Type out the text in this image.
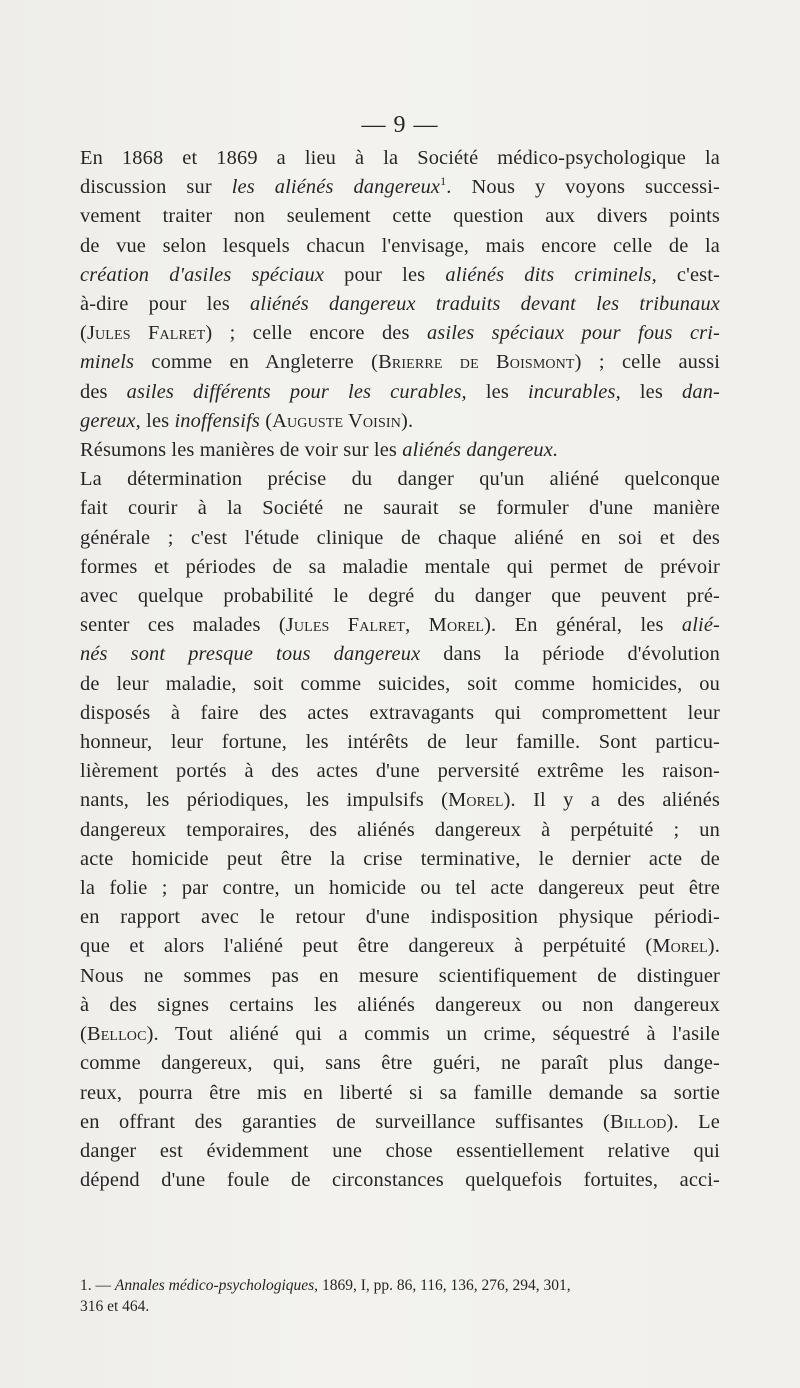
— 9 —
En 1868 et 1869 a lieu à la Société médico-psychologique la
discussion sur les aliénés dangereux$^1$. Nous y voyons successi-
vement traiter non seulement cette question aux divers points
de vue selon lesquels chacun l'envisage, mais encore celle de la
création d'asiles spéciaux pour les aliénés dits criminels, c'est-
à-dire pour les aliénés dangereux traduits devant les tribunaux
(Jules Falret) ; celle encore des asiles spéciaux pour fous cri-
minels comme en Angleterre (Brierre de Boismont) ; celle aussi
des asiles différents pour les curables, les incurables, les dan-
gereux, les inoffensifs (Auguste Voisin).
Résumons les manières de voir sur les aliénés dangereux.
La détermination précise du danger qu'un aliéné quelconque
fait courir à la Société ne saurait se formuler d'une manière
générale ; c'est l'étude clinique de chaque aliéné en soi et des
formes et périodes de sa maladie mentale qui permet de prévoir
avec quelque probabilité le degré du danger que peuvent pré-
senter ces malades (Jules Falret, Morel). En général, les alié-
nés sont presque tous dangereux dans la période d'évolution
de leur maladie, soit comme suicides, soit comme homicides, ou
disposés à faire des actes extravagants qui compromettent leur
honneur, leur fortune, les intérêts de leur famille. Sont particu-
lièrement portés à des actes d'une perversité extrême les raison-
nants, les périodiques, les impulsifs (Morel). Il y a des aliénés
dangereux temporaires, des aliénés dangereux à perpétuité ; un
acte homicide peut être la crise terminative, le dernier acte de
la folie ; par contre, un homicide ou tel acte dangereux peut être
en rapport avec le retour d'une indisposition physique périodi-
que et alors l'aliéné peut être dangereux à perpétuité (Morel).
Nous ne sommes pas en mesure scientifiquement de distinguer
à des signes certains les aliénés dangereux ou non dangereux
(Belloc). Tout aliéné qui a commis un crime, séquestré à l'asile
comme dangereux, qui, sans être guéri, ne paraît plus dange-
reux, pourra être mis en liberté si sa famille demande sa sortie
en offrant des garanties de surveillance suffisantes (Billod). Le
danger est évidemment une chose essentiellement relative qui
dépend d'une foule de circonstances quelquefois fortuites, acci-
1. — Annales médico-psychologiques, 1869, I, pp. 86, 116, 136, 276, 294, 301,
316 et 464.
